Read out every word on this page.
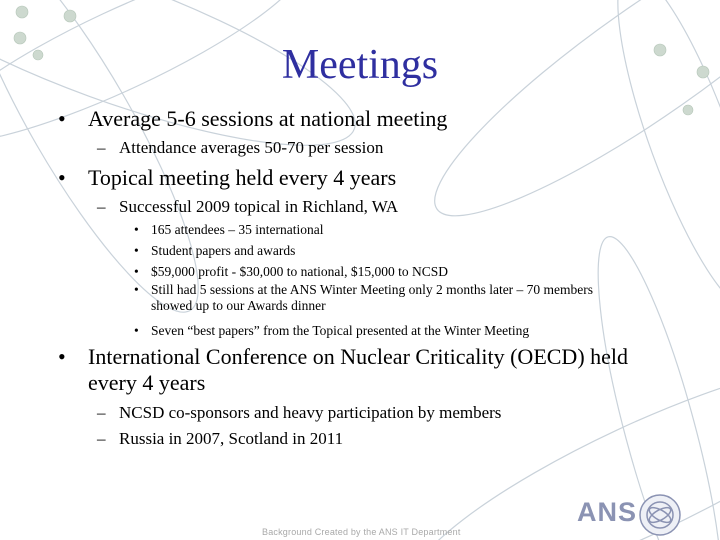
Meetings
•	Average 5-6 sessions at national meeting
– Attendance averages 50-70 per session
•	Topical meeting held every 4 years
– Successful 2009 topical in Richland, WA
• 165 attendees – 35 international
• Student papers and awards
• $59,000 profit - $30,000 to national, $15,000 to NCSD
• Still had 5 sessions at the ANS Winter Meeting only 2 months later – 70 members showed up to our Awards dinner
• Seven “best papers” from the Topical presented at the Winter Meeting
•	International Conference on Nuclear Criticality (OECD) held every 4 years
– NCSD co-sponsors and heavy participation by members
– Russia in 2007, Scotland in 2011
ANS
Background Created by the ANS IT Department
